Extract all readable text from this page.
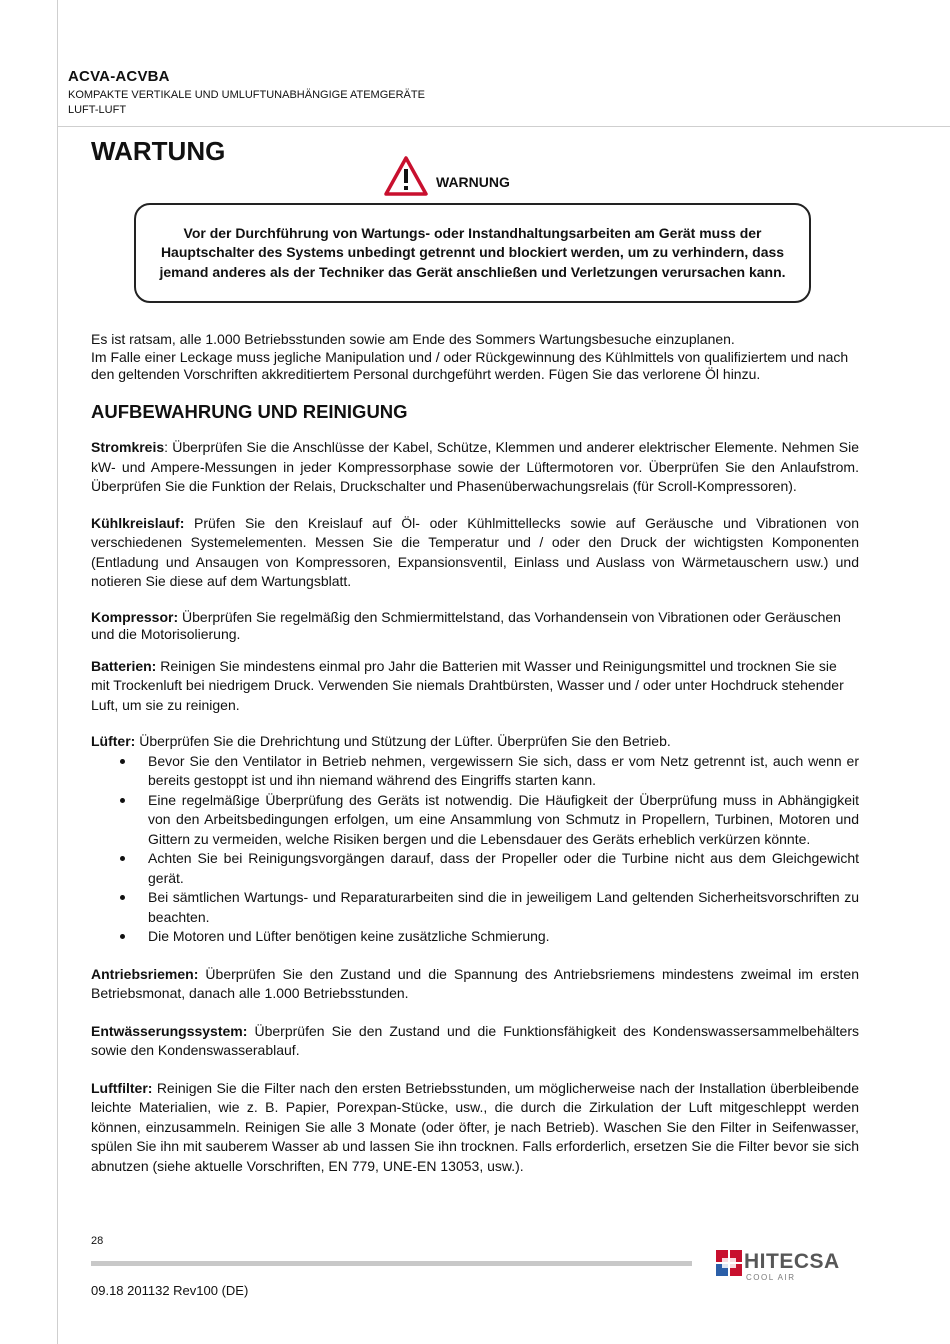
ACVA-ACVBA
KOMPAKTE VERTIKALE UND UMLUFTUNABHÄNGIGE ATEMGERÄTE
LUFT-LUFT
WARTUNG
WARNUNG
Vor der Durchführung von Wartungs- oder Instandhaltungsarbeiten am Gerät muss der Hauptschalter des Systems unbedingt getrennt und blockiert werden, um zu verhindern, dass jemand anderes als der Techniker das Gerät anschließen und Verletzungen verursachen kann.

Es ist ratsam, alle 1.000 Betriebsstunden sowie am Ende des Sommers Wartungsbesuche einzuplanen.

Im Falle einer Leckage muss jegliche Manipulation und / oder Rückgewinnung des Kühlmittels von qualifiziertem und nach den geltenden Vorschriften akkreditiertem Personal durchgeführt werden. Fügen Sie das verlorene Öl hinzu.

AUFBEWAHRUNG UND REINIGUNG

Stromkreis: Überprüfen Sie die Anschlüsse der Kabel, Schütze, Klemmen und anderer elektrischer Elemente. Nehmen Sie kW- und Ampere-Messungen in jeder Kompressorphase sowie der Lüftermotoren vor. Überprüfen Sie den Anlaufstrom. Überprüfen Sie die Funktion der Relais, Druckschalter und Phasenüberwachungsrelais (für Scroll-Kompressoren).

Kühlkreislauf: Prüfen Sie den Kreislauf auf Öl- oder Kühlmittellecks sowie auf Geräusche und Vibrationen von verschiedenen Systemelementen. Messen Sie die Temperatur und / oder den Druck der wichtigsten Komponenten (Entladung und Ansaugen von Kompressoren, Expansionsventil, Einlass und Auslass von Wärmetauschern usw.) und notieren Sie diese auf dem Wartungsblatt.

Kompressor: Überprüfen Sie regelmäßig den Schmiermittelstand, das Vorhandensein von Vibrationen oder Geräuschen und die Motorisolierung.

Batterien: Reinigen Sie mindestens einmal pro Jahr die Batterien mit Wasser und Reinigungsmittel und trocknen Sie sie mit Trockenluft bei niedrigem Druck. Verwenden Sie niemals Drahtbürsten, Wasser und / oder unter Hochdruck stehender Luft, um sie zu reinigen.

Lüfter: Überprüfen Sie die Drehrichtung und Stützung der Lüfter. Überprüfen Sie den Betrieb.

Bevor Sie den Ventilator in Betrieb nehmen, vergewissern Sie sich, dass er vom Netz getrennt ist, auch wenn er bereits gestoppt ist und ihn niemand während des Eingriffs starten kann.
Eine regelmäßige Überprüfung des Geräts ist notwendig. Die Häufigkeit der Überprüfung muss in Abhängigkeit von den Arbeitsbedingungen erfolgen, um eine Ansammlung von Schmutz in Propellern, Turbinen, Motoren und Gittern zu vermeiden, welche Risiken bergen und die Lebensdauer des Geräts erheblich verkürzen könnte.
Achten Sie bei Reinigungsvorgängen darauf, dass der Propeller oder die Turbine nicht aus dem Gleichgewicht gerät.
Bei sämtlichen Wartungs- und Reparaturarbeiten sind die in jeweiligem Land geltenden Sicherheitsvorschriften zu beachten.
Die Motoren und Lüfter benötigen keine zusätzliche Schmierung.

Antriebsriemen: Überprüfen Sie den Zustand und die Spannung des Antriebsriemens mindestens zweimal im ersten Betriebsmonat, danach alle 1.000 Betriebsstunden.

Entwässerungssystem: Überprüfen Sie den Zustand und die Funktionsfähigkeit des Kondenswassersammelbehälters sowie den Kondenswasserablauf.

Luftfilter: Reinigen Sie die Filter nach den ersten Betriebsstunden, um möglicherweise nach der Installation überbleibende leichte Materialien, wie z. B. Papier, Porexpan-Stücke, usw., die durch die Zirkulation der Luft mitgeschleppt werden können, einzusammeln. Reinigen Sie alle 3 Monate (oder öfter, je nach Betrieb). Waschen Sie den Filter in Seifenwasser, spülen Sie ihn mit sauberem Wasser ab und lassen Sie ihn trocknen. Falls erforderlich, ersetzen Sie die Filter bevor sie sich abnutzen (siehe aktuelle Vorschriften, EN 779, UNE-EN 13053, usw.).

28
09.18 201132 Rev100 (DE)
HITECSA
COOL AIR
